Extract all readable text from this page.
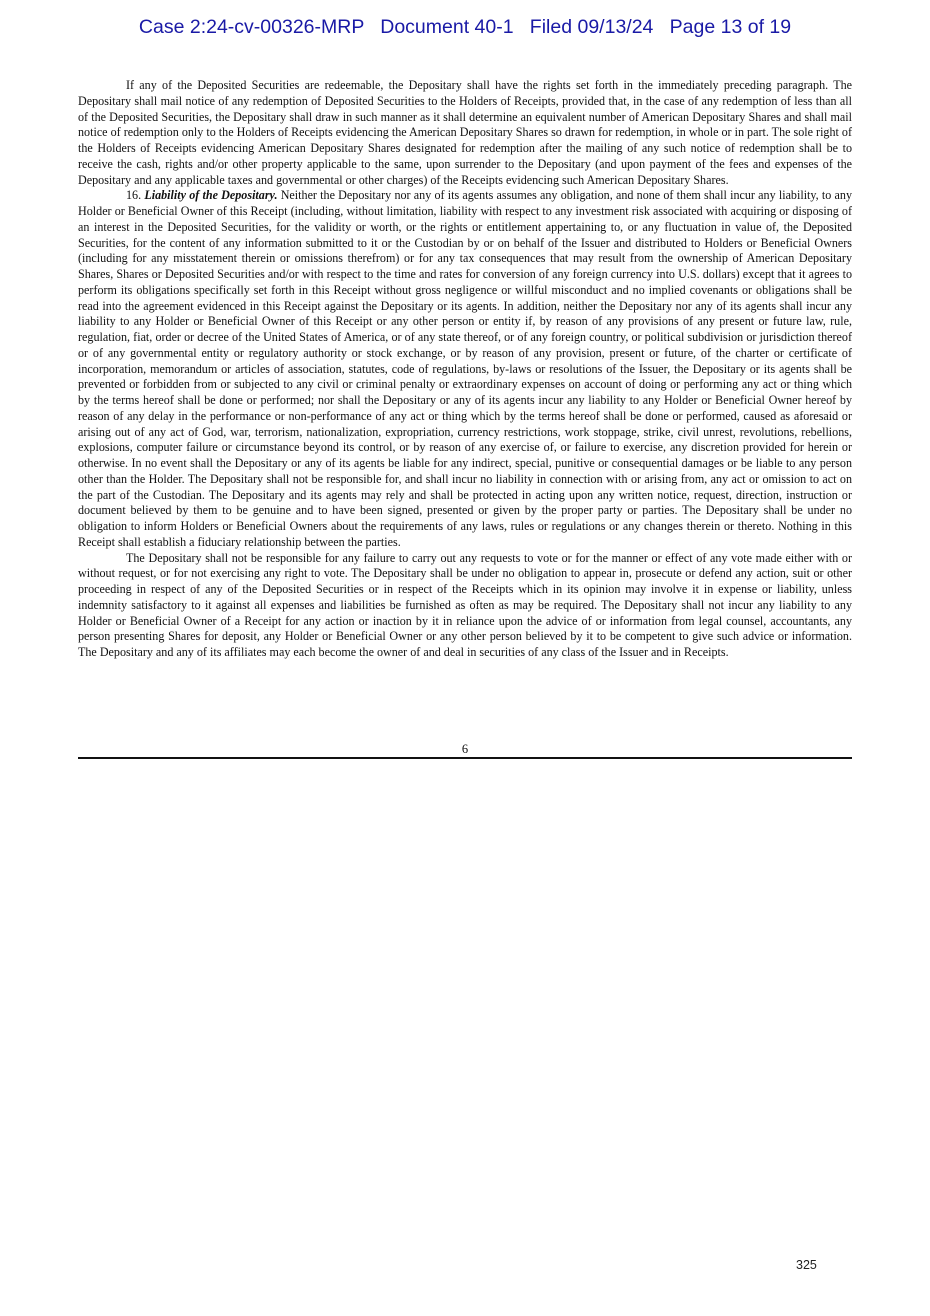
Case 2:24-cv-00326-MRP   Document 40-1   Filed 09/13/24   Page 13 of 19

If any of the Deposited Securities are redeemable, the Depositary shall have the rights set forth in the immediately preceding paragraph. The Depositary shall mail notice of any redemption of Deposited Securities to the Holders of Receipts, provided that, in the case of any redemption of less than all of the Deposited Securities, the Depositary shall draw in such manner as it shall determine an equivalent number of American Depositary Shares and shall mail notice of redemption only to the Holders of Receipts evidencing the American Depositary Shares so drawn for redemption, in whole or in part. The sole right of the Holders of Receipts evidencing American Depositary Shares designated for redemption after the mailing of any such notice of redemption shall be to receive the cash, rights and/or other property applicable to the same, upon surrender to the Depositary (and upon payment of the fees and expenses of the Depositary and any applicable taxes and governmental or other charges) of the Receipts evidencing such American Depositary Shares.

16. Liability of the Depositary. Neither the Depositary nor any of its agents assumes any obligation, and none of them shall incur any liability, to any Holder or Beneficial Owner of this Receipt (including, without limitation, liability with respect to any investment risk associated with acquiring or disposing of an interest in the Deposited Securities, for the validity or worth, or the rights or entitlement appertaining to, or any fluctuation in value of, the Deposited Securities, for the content of any information submitted to it or the Custodian by or on behalf of the Issuer and distributed to Holders or Beneficial Owners (including for any misstatement therein or omissions therefrom) or for any tax consequences that may result from the ownership of American Depositary Shares, Shares or Deposited Securities and/or with respect to the time and rates for conversion of any foreign currency into U.S. dollars) except that it agrees to perform its obligations specifically set forth in this Receipt without gross negligence or willful misconduct and no implied covenants or obligations shall be read into the agreement evidenced in this Receipt against the Depositary or its agents. In addition, neither the Depositary nor any of its agents shall incur any liability to any Holder or Beneficial Owner of this Receipt or any other person or entity if, by reason of any provisions of any present or future law, rule, regulation, fiat, order or decree of the United States of America, or of any state thereof, or of any foreign country, or political subdivision or jurisdiction thereof or of any governmental entity or regulatory authority or stock exchange, or by reason of any provision, present or future, of the charter or certificate of incorporation, memorandum or articles of association, statutes, code of regulations, by-laws or resolutions of the Issuer, the Depositary or its agents shall be prevented or forbidden from or subjected to any civil or criminal penalty or extraordinary expenses on account of doing or performing any act or thing which by the terms hereof shall be done or performed; nor shall the Depositary or any of its agents incur any liability to any Holder or Beneficial Owner hereof by reason of any delay in the performance or non-performance of any act or thing which by the terms hereof shall be done or performed, caused as aforesaid or arising out of any act of God, war, terrorism, nationalization, expropriation, currency restrictions, work stoppage, strike, civil unrest, revolutions, rebellions, explosions, computer failure or circumstance beyond its control, or by reason of any exercise of, or failure to exercise, any discretion provided for herein or otherwise. In no event shall the Depositary or any of its agents be liable for any indirect, special, punitive or consequential damages or be liable to any person other than the Holder. The Depositary shall not be responsible for, and shall incur no liability in connection with or arising from, any act or omission to act on the part of the Custodian. The Depositary and its agents may rely and shall be protected in acting upon any written notice, request, direction, instruction or document believed by them to be genuine and to have been signed, presented or given by the proper party or parties. The Depositary shall be under no obligation to inform Holders or Beneficial Owners about the requirements of any laws, rules or regulations or any changes therein or thereto. Nothing in this Receipt shall establish a fiduciary relationship between the parties.

The Depositary shall not be responsible for any failure to carry out any requests to vote or for the manner or effect of any vote made either with or without request, or for not exercising any right to vote. The Depositary shall be under no obligation to appear in, prosecute or defend any action, suit or other proceeding in respect of any of the Deposited Securities or in respect of the Receipts which in its opinion may involve it in expense or liability, unless indemnity satisfactory to it against all expenses and liabilities be furnished as often as may be required. The Depositary shall not incur any liability to any Holder or Beneficial Owner of a Receipt for any action or inaction by it in reliance upon the advice of or information from legal counsel, accountants, any person presenting Shares for deposit, any Holder or Beneficial Owner or any other person believed by it to be competent to give such advice or information. The Depositary and any of its affiliates may each become the owner of and deal in securities of any class of the Issuer and in Receipts.

6
325
